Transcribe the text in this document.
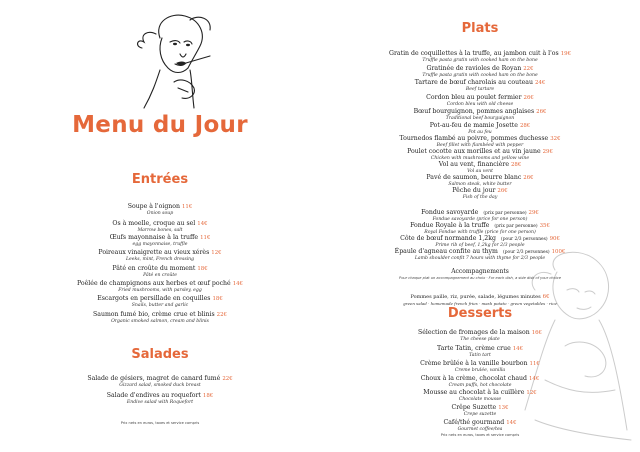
Menu du Jour
Entrées
Soupe à l'oignon 11€
Onion soup
Os à moelle, croque au sel 14€
Marrow bones, salt
Œufs mayonnaise à la truffe 11€
egg mayonnaise, truffle
Poireaux vinaigrette au vieux xérès 12€
Leeks, mint, French dressing
Pâté en croûte du moment 18€
Pâté en croûte
Poêlée de champignons aux herbes et œuf poché 14€
Fried mushrooms, with parsley, egg
Escargots en persillade en coquilles 18€
Snails, butter and garlic
Saumon fumé bio, crème crue et blinis 22€
Organic smoked salmon, cream and blinis
Salades
Salade de gésiers, magret de canard fumé 22€
Gizzard salad, smoked duck breast
Salade d'endives au roquefort 18€
Endive salad with Roquefort
Prix nets en euros, taxes et service compris
Plats
Gratin de coquillettes à la truffe, au jambon cuit à l'os 19€
Truffle pasta gratin with cooked ham on the bone
Gratinée de ravioles de Royan 22€
Truffle pasta gratin with cooked ham on the bone
Tartare de bœuf charolais au couteau 24€
Beef tartare
Cordon bleu au poulet fermier 26€
Cordon bleu with old cheese
Bœuf bourguignon, pommes anglaises 26€
Traditional beef bourguignon
Pot-au-feu de mamie Josette 28€
Pot au feu
Tournedos flambé au poivre, pommes duchesse 32€
Beef fillet with flambéed with pepper
Poulet cocotte aux morilles et au vin jaune 29€
Chicken with mushrooms and yellow wine
Vol au vent, financière 28€
Vol au vent
Pavé de saumon, beurre blanc 26€
Salmon steak, white butter
Pêche du jour 26€
Fish of the day
Fondue savoyarde (prix par personne) 29€
Fondue savoyarde (price for one person)
Fondue Royale à la truffe (prix par personne) 35€
Royal Fondue with truffle (price for one person)
Côte de bœuf normande 1,2kg (pour 2/3 personnes) 90€
Prime rib of beef, 1,2kg for 2/3 people
Épaule d'agneau confite au thym (pour 2/3 personnes) 100€
Lamb shoulder confit 7 hours with thyme for 2/3 people
Accompagnements
Pour chaque plat un accompagnement au choix · For each dish, a side dish of your choice
Pommes paille, riz, purée, salade, légumes minutes 6€
green salad · homemade french fries · mash potato · green vegetables · rice
Desserts
Sélection de fromages de la maison 16€
The cheese plate
Tarte Tatin, crème crue 14€
Tatin tart
Crème brûlée à la vanille bourbon 11€
Creme brulée, vanilla
Choux à la crème, chocolat chaud 14€
Cream puffs, hot chocolate
Mousse au chocolat à la cuillère 12€
Chocolate mousse
Crêpe Suzette 13€
Crepe suzette
Café/thé gourmand 14€
Gourmet coffee/tea
Prix nets en euros, taxes et service compris
